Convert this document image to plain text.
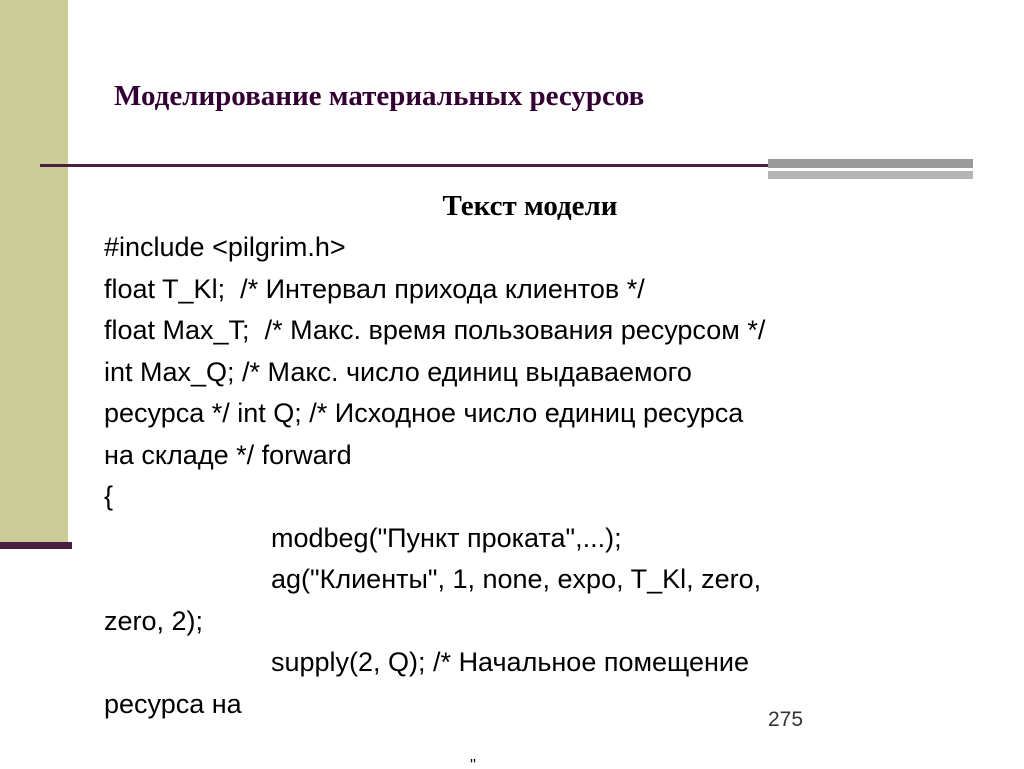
Моделирование материальных ресурсов
Текст модели
#include <pilgrim.h>
float T_Kl;  /* Интервал прихода клиентов */
float Max_T;  /* Макс. время пользования ресурсом */
int Max_Q; /* Макс. число единиц выдаваемого
ресурса */ int Q; /* Исходное число единиц ресурса
на складе */ forward
{
modbeg("Пункт проката",...);
ag("Клиенты", 1, none, expo, T_Kl, zero,
zero, 2);
supply(2, Q); /* Начальное помещение
ресурса на
275
''
